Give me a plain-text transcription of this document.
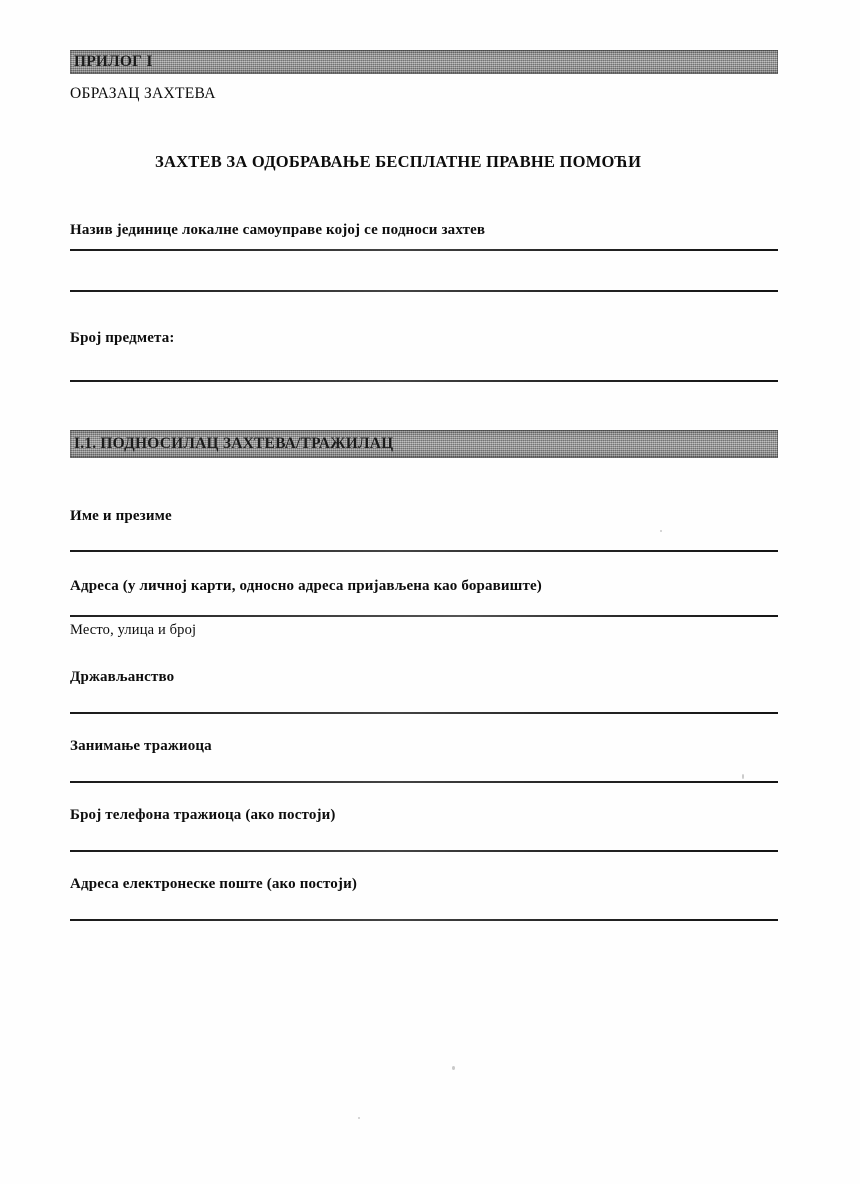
ПРИЛОГ I
ОБРАЗАЦ ЗАХТЕВА
ЗАХТЕВ ЗА ОДОБРАВАЊЕ БЕСПЛАТНЕ ПРАВНЕ ПОМОЋИ
Назив јединице локалне самоуправе којој се подноси захтев
Број предмета:
I.1. ПОДНОСИЛАЦ ЗАХТЕВА/ТРАЖИЛАЦ
Име и презиме
Адреса (у личној карти, односно адреса пријављена као боравиште)
Место, улица и број
Држављанство
Занимање тражиоца
Број телефона тражиоца (ако постоји)
Адреса електронеске поште (ако постоји)
